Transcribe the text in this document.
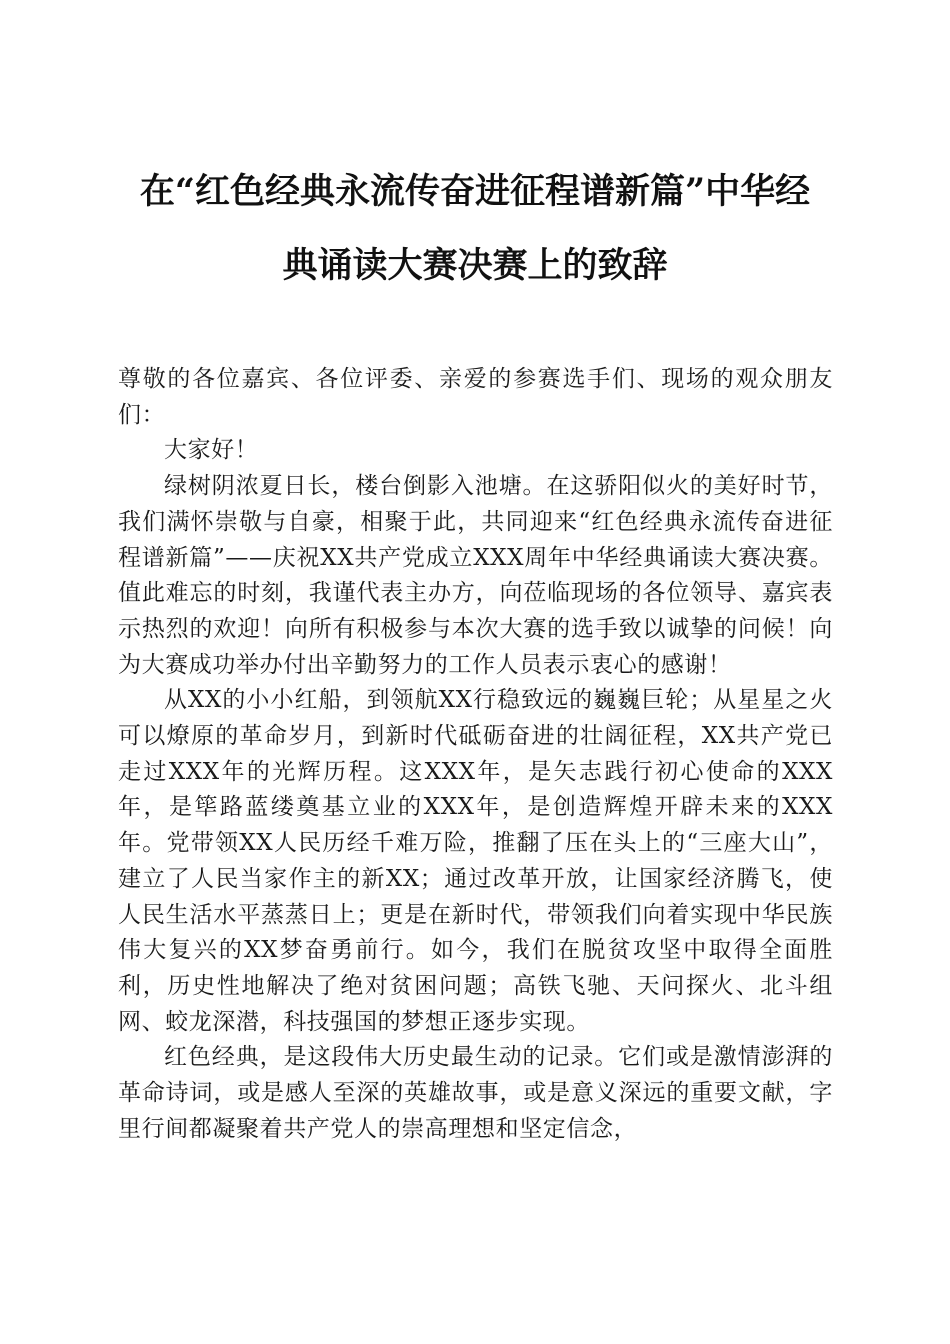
在“红色经典永流传奋进征程谱新篇”中华经
典诵读大赛决赛上的致辞

尊敬的各位嘉宾、各位评委、亲爱的参赛选手们、现场的观众朋友们：

大家好！

绿树阴浓夏日长，楼台倒影入池塘。在这骄阳似火的美好时节，我们满怀崇敬与自豪，相聚于此，共同迎来“红色经典永流传奋进征程谱新篇”——庆祝XX共产党成立XXX周年中华经典诵读大赛决赛。值此难忘的时刻，我谨代表主办方，向莅临现场的各位领导、嘉宾表示热烈的欢迎！向所有积极参与本次大赛的选手致以诚挚的问候！向为大赛成功举办付出辛勤努力的工作人员表示衷心的感谢！

从XX的小小红船，到领航XX行稳致远的巍巍巨轮；从星星之火可以燎原的革命岁月，到新时代砥砺奋进的壮阔征程，XX共产党已走过XXX年的光辉历程。这XXX年，是矢志践行初心使命的XXX年，是筚路蓝缕奠基立业的XXX年，是创造辉煌开辟未来的XXX年。党带领XX人民历经千难万险，推翻了压在头上的“三座大山”，建立了人民当家作主的新XX；通过改革开放，让国家经济腾飞，使人民生活水平蒸蒸日上；更是在新时代，带领我们向着实现中华民族伟大复兴的XX梦奋勇前行。如今，我们在脱贫攻坚中取得全面胜利，历史性地解决了绝对贫困问题；高铁飞驰、天问探火、北斗组网、蛟龙深潜，科技强国的梦想正逐步实现。

红色经典，是这段伟大历史最生动的记录。它们或是激情澎湃的革命诗词，或是感人至深的英雄故事，或是意义深远的重要文献，字里行间都凝聚着共产党人的崇高理想和坚定信念，
